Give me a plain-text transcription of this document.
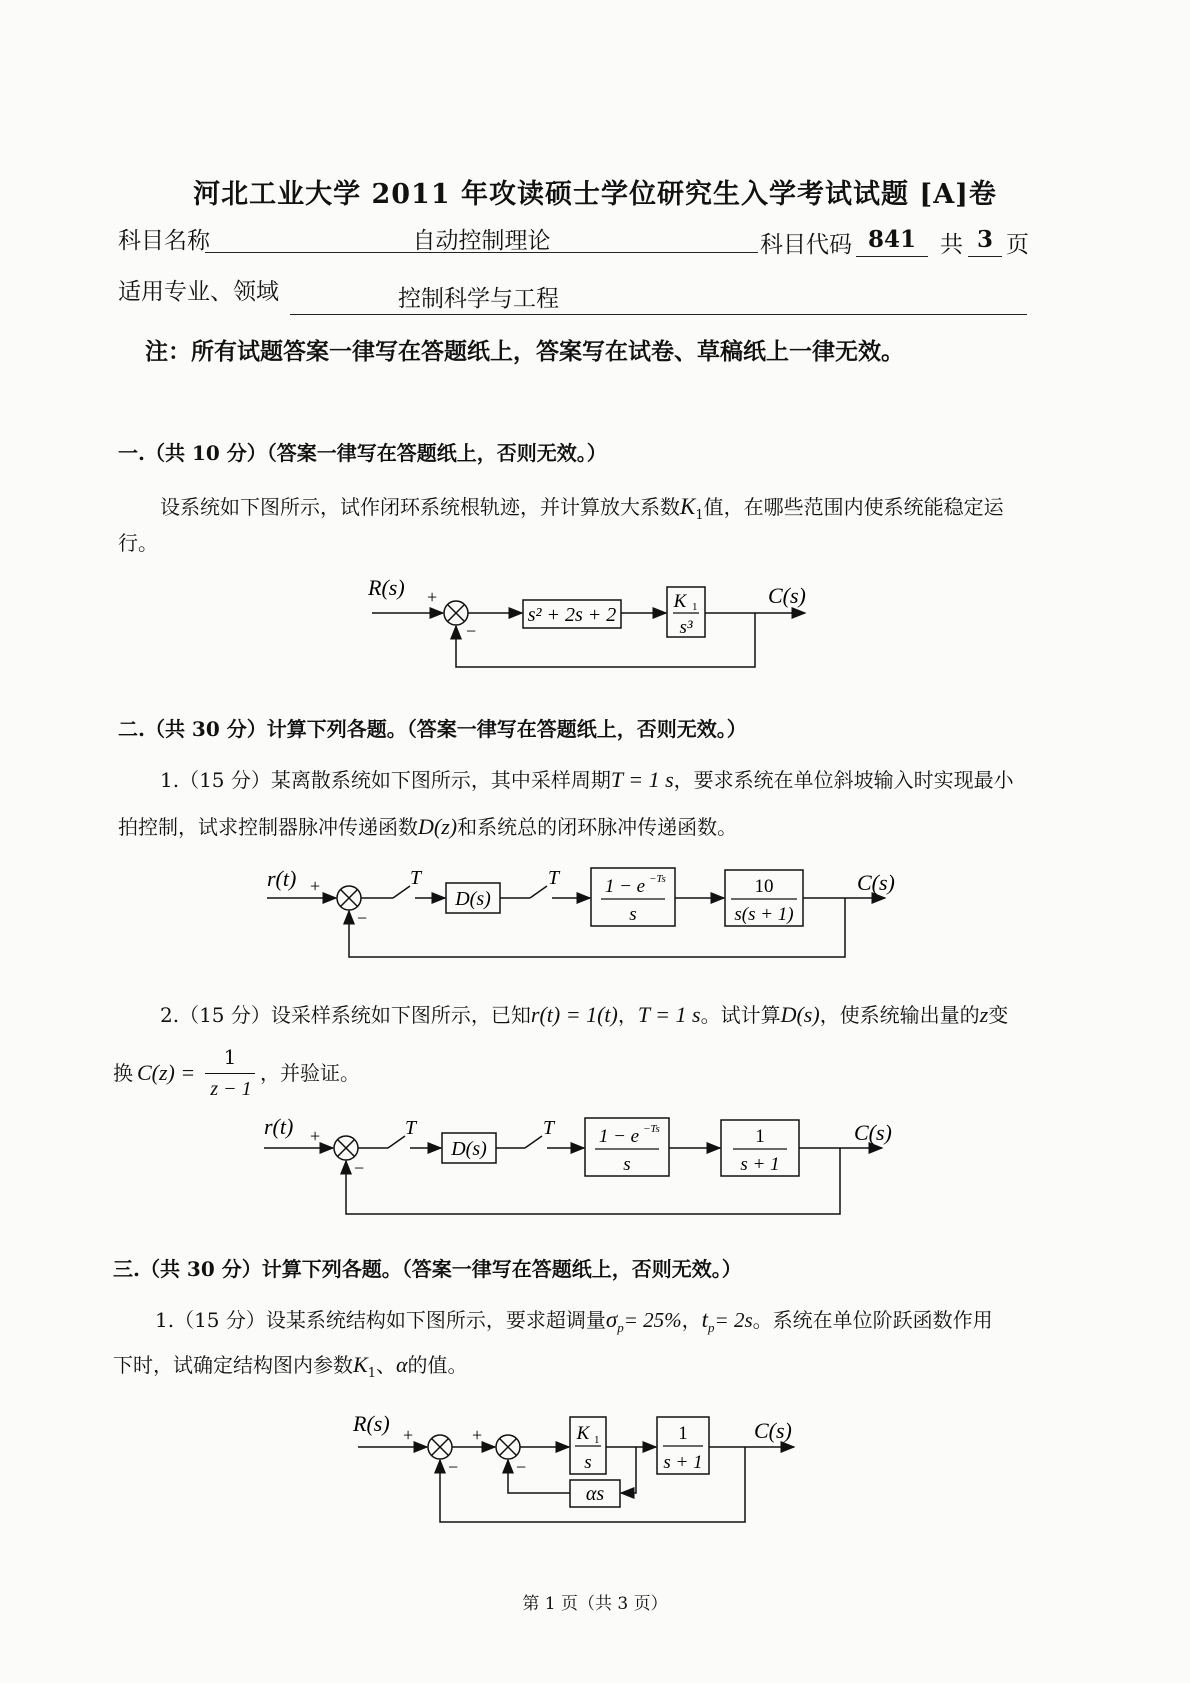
河北工业大学 2011 年攻读硕士学位研究生入学考试试题 [A]卷
科目名称	自动控制理论	科目代码 841	共 3 页
适用专业、领域	控制科学与工程
注：所有试题答案一律写在答题纸上，答案写在试卷、草稿纸上一律无效。
一.（共 10 分）（答案一律写在答题纸上，否则无效。）
设系统如下图所示，试作闭环系统根轨迹，并计算放大系数$K_1$值，在哪些范围内使系统能稳定运
行。
R(s) +
−
s² + 2s + 2
K 1
s³
C(s)
二.（共 30 分）计算下列各题。（答案一律写在答题纸上，否则无效。）
1.（15 分）某离散系统如下图所示，其中采样周期T = 1 s，要求系统在单位斜坡输入时实现最小
拍控制，试求控制器脉冲传递函数D(z)和系统总的闭环脉冲传递函数。
r(t) +
−
T
D(s)
T 1 − e −Ts
s
10
s(s + 1)
C(s)
2.（15 分）设采样系统如下图所示，已知r(t) = 1(t)，T = 1 s。试计算D(s)，使系统输出量的z变
换 C(z) =
1
z − 1
，并验证。
r(t) +
−
T
D(s)
T 1 − e −Ts
s
1
s + 1
C(s)
三.（共 30 分）计算下列各题。（答案一律写在答题纸上，否则无效。）
1.（15 分）设某系统结构如下图所示，要求超调量$\sigma_p= 25\%$，$t_p= 2s$。系统在单位阶跃函数作用
下时，试确定结构图内参数$K_1$、α的值。
R(s) +
−
+
−
K 1
s
1
s + 1
C(s)
αs
第 1 页（共 3 页）
